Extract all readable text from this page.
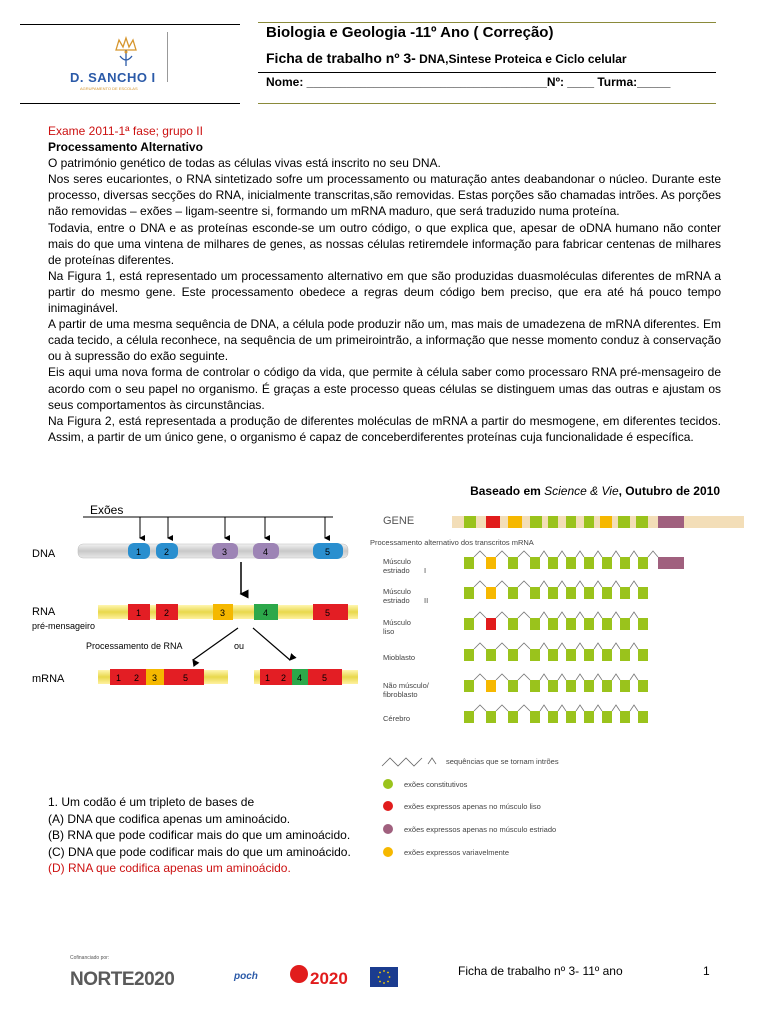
D. SANCHO I
AGRUPAMENTO DE ESCOLAS
Biologia e Geologia -11º Ano ( Correção)
Ficha de trabalho nº 3- DNA,Sintese Proteica e Ciclo celular
Nome: ____________________________________Nº: ____ Turma:_____

Exame 2011-1ª fase; grupo II

Processamento Alternativo

O património genético de todas as células vivas está inscrito no seu DNA.

Nos seres eucariontes, o RNA sintetizado sofre um processamento ou maturação antes deabandonar o núcleo. Durante este processo, diversas secções do RNA, inicialmente transcritas,são removidas. Estas porções são chamadas intrões. As porções não removidas – exões – ligam-seentre si, formando um mRNA maduro, que será traduzido numa proteína.

Todavia, entre o DNA e as proteínas esconde-se um outro código, o que explica que, apesar de oDNA humano não conter mais do que uma vintena de milhares de genes, as nossas células retiremdele informação para fabricar centenas de milhares de proteínas diferentes.

Na Figura 1, está representado um processamento alternativo em que são produzidas duasmoléculas diferentes de mRNA a partir do mesmo gene. Este processamento obedece a regras deum código bem preciso, que era até há pouco tempo inimaginável.

A partir de uma mesma sequência de DNA, a célula pode produzir não um, mas mais de umadezena de mRNA diferentes. Em cada tecido, a célula reconhece, na sequência de um primeirointrão, a informação que nesse momento conduz à conservação ou à supressão do exão seguinte.

Eis aqui uma nova forma de controlar o código da vida, que permite à célula saber como processaro RNA pré-mensageiro de acordo com o seu papel no organismo. É graças a este processo queas células se distinguem umas das outras e ajustam os seus comportamentos às circunstâncias.

Na Figura 2, está representada a produção de diferentes moléculas de mRNA a partir do mesmogene, em diferentes tecidos. Assim, a partir de um único gene, o organismo é capaz de conceberdiferentes proteínas cuja funcionalidade é específica.

Baseado em Science & Vie, Outubro de 2010
Exões
DNA	1	2	3	4	5
RNA
pré-mensageiro
1	2	3	4	5
Processamento de RNA	ou
mRNA	1 2 3	5	1 2 4 5
GENE
Processamento alternativo dos transcritos mRNA
Músculo
estriado I
Músculo
estriado II
Músculo
liso
Mioblasto
Não músculo/
fibroblasto
Cérebro
sequências que se tornam intrões
exões constitutivos
exões expressos apenas no músculo liso
exões expressos apenas no músculo estriado
exões expressos variavelmente

1. Um codão é um tripleto de bases de

(A) DNA que codifica apenas um aminoácido.

(B) RNA que pode codificar mais do que um aminoácido.

(C) DNA que pode codificar mais do que um aminoácido.

(D) RNA que codifica apenas um aminoácido.

Cofinanciado por:
NORTE2020	poch	2020	Ficha de trabalho nº 3- 11º ano	1
